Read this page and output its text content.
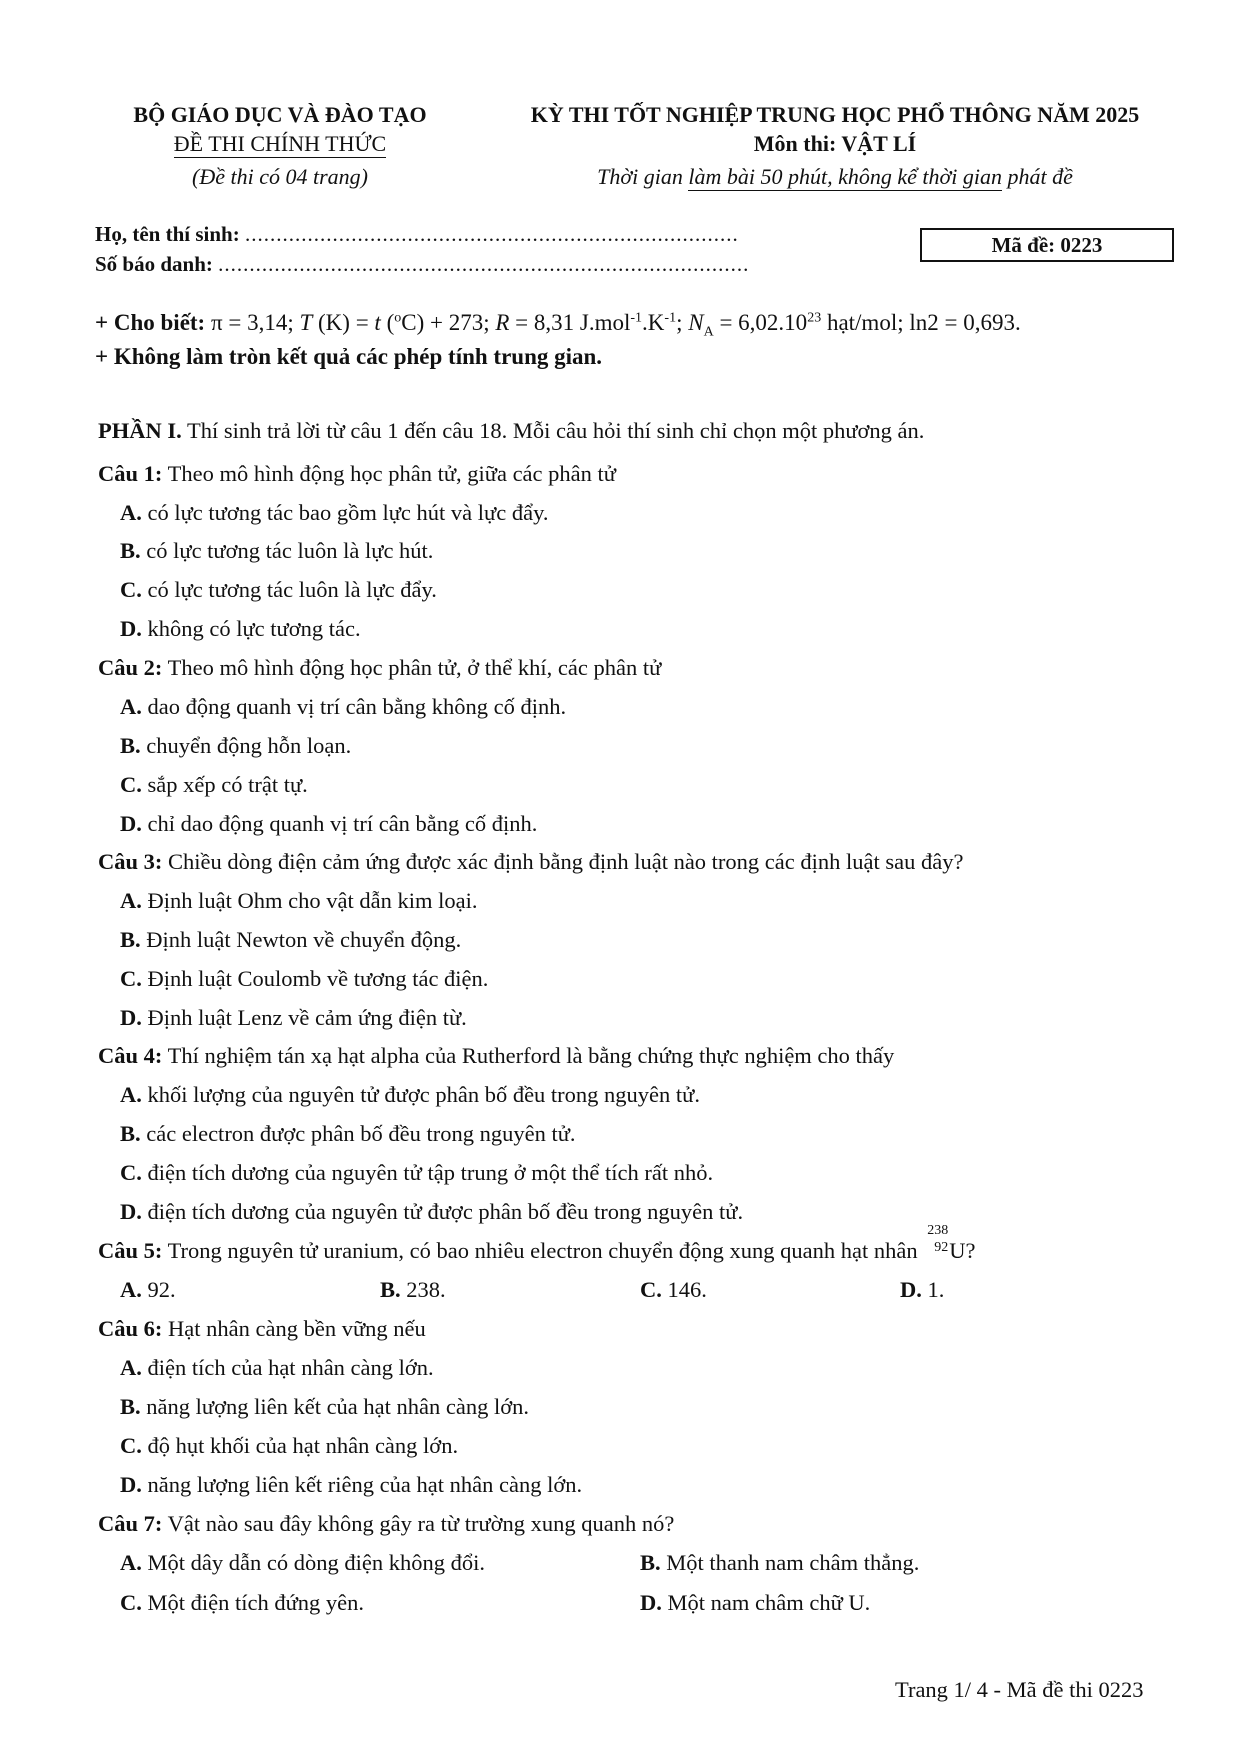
BỘ GIÁO DỤC VÀ ĐÀO TẠO
ĐỀ THI CHÍNH THỨC
(Đề thi có 04 trang)
KỲ THI TỐT NGHIỆP TRUNG HỌC PHỔ THÔNG NĂM 2025
Môn thi: VẬT LÍ
Thời gian làm bài 50 phút, không kể thời gian phát đề
Họ, tên thí sinh: ...............................................................................
Số báo danh: .....................................................................................
Mã đề: 0223
+ Cho biết: π = 3,14; T (K) = t ($^o$C) + 273; R = 8,31 $J.mol^{-1}.K^{-1}$; $N_A = 6,02.10^{23}$ hạt/mol; ln2 = 0,693.
+ Không làm tròn kết quả các phép tính trung gian.
PHẦN I. Thí sinh trả lời từ câu 1 đến câu 18. Mỗi câu hỏi thí sinh chỉ chọn một phương án.
Câu 1: Theo mô hình động học phân tử, giữa các phân tử
A. có lực tương tác bao gồm lực hút và lực đẩy.
B. có lực tương tác luôn là lực hút.
C. có lực tương tác luôn là lực đẩy.
D. không có lực tương tác.
Câu 2: Theo mô hình động học phân tử, ở thể khí, các phân tử
A. dao động quanh vị trí cân bằng không cố định.
B. chuyển động hỗn loạn.
C. sắp xếp có trật tự.
D. chỉ dao động quanh vị trí cân bằng cố định.
Câu 3: Chiều dòng điện cảm ứng được xác định bằng định luật nào trong các định luật sau đây?
A. Định luật Ohm cho vật dẫn kim loại.
B. Định luật Newton về chuyển động.
C. Định luật Coulomb về tương tác điện.
D. Định luật Lenz về cảm ứng điện từ.
Câu 4: Thí nghiệm tán xạ hạt alpha của Rutherford là bằng chứng thực nghiệm cho thấy
A. khối lượng của nguyên tử được phân bố đều trong nguyên tử.
B. các electron được phân bố đều trong nguyên tử.
C. điện tích dương của nguyên tử tập trung ở một thể tích rất nhỏ.
D. điện tích dương của nguyên tử được phân bố đều trong nguyên tử.
Câu 5: Trong nguyên tử uranium, có bao nhiêu electron chuyển động xung quanh hạt nhân
238
92 U?
A. 92.	B. 238.	C. 146.	D. 1.
Câu 6: Hạt nhân càng bền vững nếu
A. điện tích của hạt nhân càng lớn.
B. năng lượng liên kết của hạt nhân càng lớn.
C. độ hụt khối của hạt nhân càng lớn.
D. năng lượng liên kết riêng của hạt nhân càng lớn.
Câu 7: Vật nào sau đây không gây ra từ trường xung quanh nó?
A. Một dây dẫn có dòng điện không đổi.	B. Một thanh nam châm thẳng.
C. Một điện tích đứng yên.	D. Một nam châm chữ U.
Trang 1/ 4 - Mã đề thi 0223
